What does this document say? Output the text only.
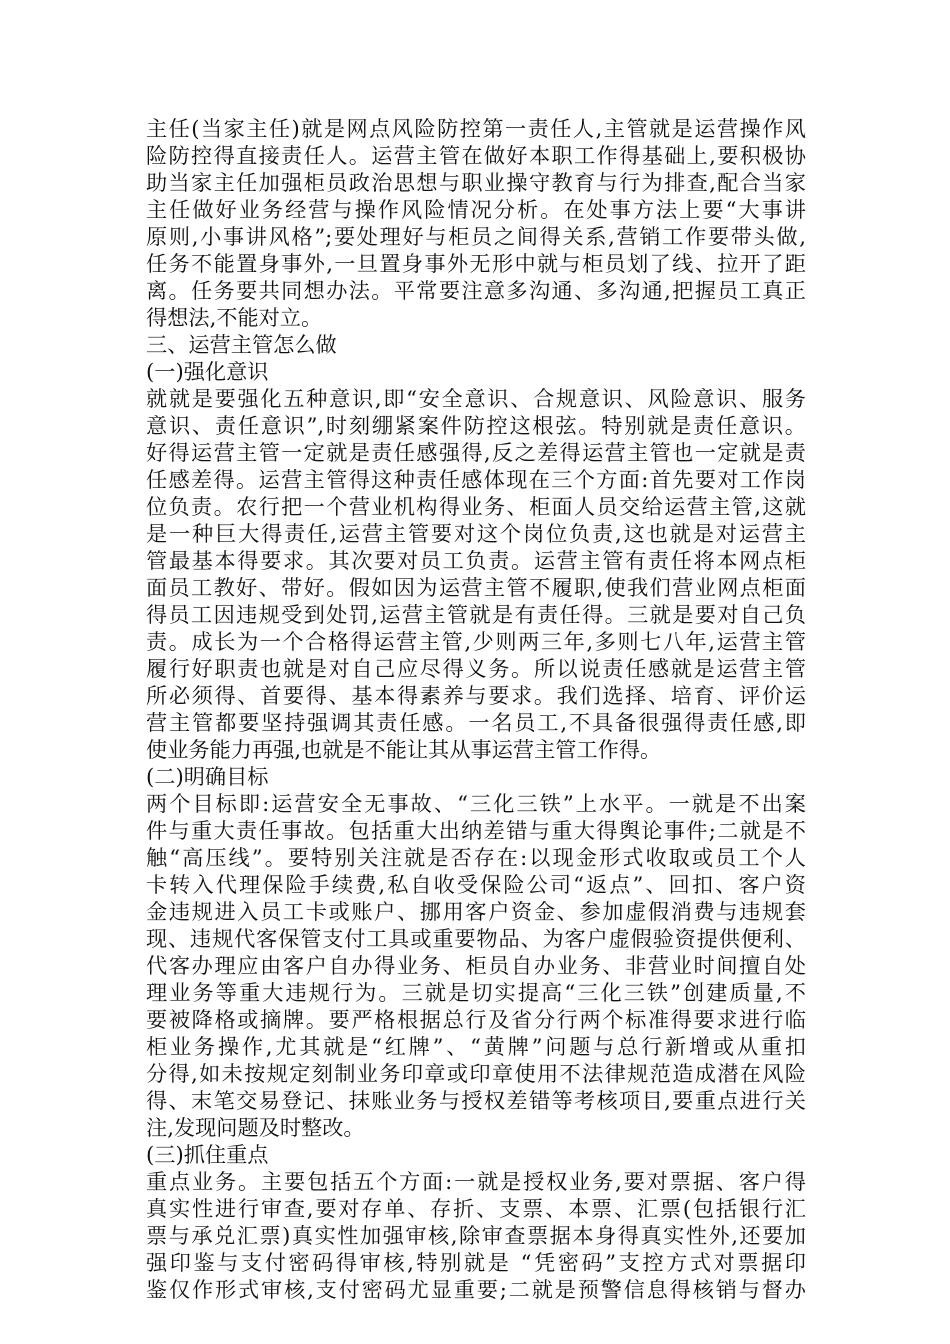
主任(当家主任)就是网点风险防控第一责任人,主管就是运营操作风
险防控得直接责任人。运营主管在做好本职工作得基础上,要积极协
助当家主任加强柜员政治思想与职业操守教育与行为排查,配合当家
主任做好业务经营与操作风险情况分析。在处事方法上要“大事讲
原则,小事讲风格”;要处理好与柜员之间得关系,营销工作要带头做,
任务不能置身事外,一旦置身事外无形中就与柜员划了线、拉开了距
离。任务要共同想办法。平常要注意多沟通、多沟通,把握员工真正
得想法,不能对立。
三、运营主管怎么做
(一)强化意识
就就是要强化五种意识,即“安全意识、合规意识、风险意识、服务
意识、责任意识”,时刻绷紧案件防控这根弦。特别就是责任意识。
好得运营主管一定就是责任感强得,反之差得运营主管也一定就是责
任感差得。运营主管得这种责任感体现在三个方面:首先要对工作岗
位负责。农行把一个营业机构得业务、柜面人员交给运营主管,这就
是一种巨大得责任,运营主管要对这个岗位负责,这也就是对运营主
管最基本得要求。其次要对员工负责。运营主管有责任将本网点柜
面员工教好、带好。假如因为运营主管不履职,使我们营业网点柜面
得员工因违规受到处罚,运营主管就是有责任得。三就是要对自己负
责。成长为一个合格得运营主管,少则两三年,多则七八年,运营主管
履行好职责也就是对自己应尽得义务。所以说责任感就是运营主管
所必须得、首要得、基本得素养与要求。我们选择、培育、评价运
营主管都要坚持强调其责任感。一名员工,不具备很强得责任感,即
使业务能力再强,也就是不能让其从事运营主管工作得。
(二)明确目标
两个目标即:运营安全无事故、“三化三铁”上水平。一就是不出案
件与重大责任事故。包括重大出纳差错与重大得舆论事件;二就是不
触“高压线”。要特别关注就是否存在:以现金形式收取或员工个人
卡转入代理保险手续费,私自收受保险公司“返点”、回扣、客户资
金违规进入员工卡或账户、挪用客户资金、参加虚假消费与违规套
现、违规代客保管支付工具或重要物品、为客户虚假验资提供便利、
代客办理应由客户自办得业务、柜员自办业务、非营业时间擅自处
理业务等重大违规行为。三就是切实提高“三化三铁”创建质量,不
要被降格或摘牌。要严格根据总行及省分行两个标准得要求进行临
柜业务操作,尤其就是“红牌”、“黄牌”问题与总行新增或从重扣
分得,如未按规定刻制业务印章或印章使用不法律规范造成潜在风险
得、末笔交易登记、抹账业务与授权差错等考核项目,要重点进行关
注,发现问题及时整改。
(三)抓住重点
重点业务。主要包括五个方面:一就是授权业务,要对票据、客户得
真实性进行审查,要对存单、存折、支票、本票、汇票(包括银行汇
票与承兑汇票)真实性加强审核,除审查票据本身得真实性外,还要加
强印鉴与支付密码得审核,特别就是 “凭密码”支控方式对票据印
鉴仅作形式审核,支付密码尤显重要;二就是预警信息得核销与督办
